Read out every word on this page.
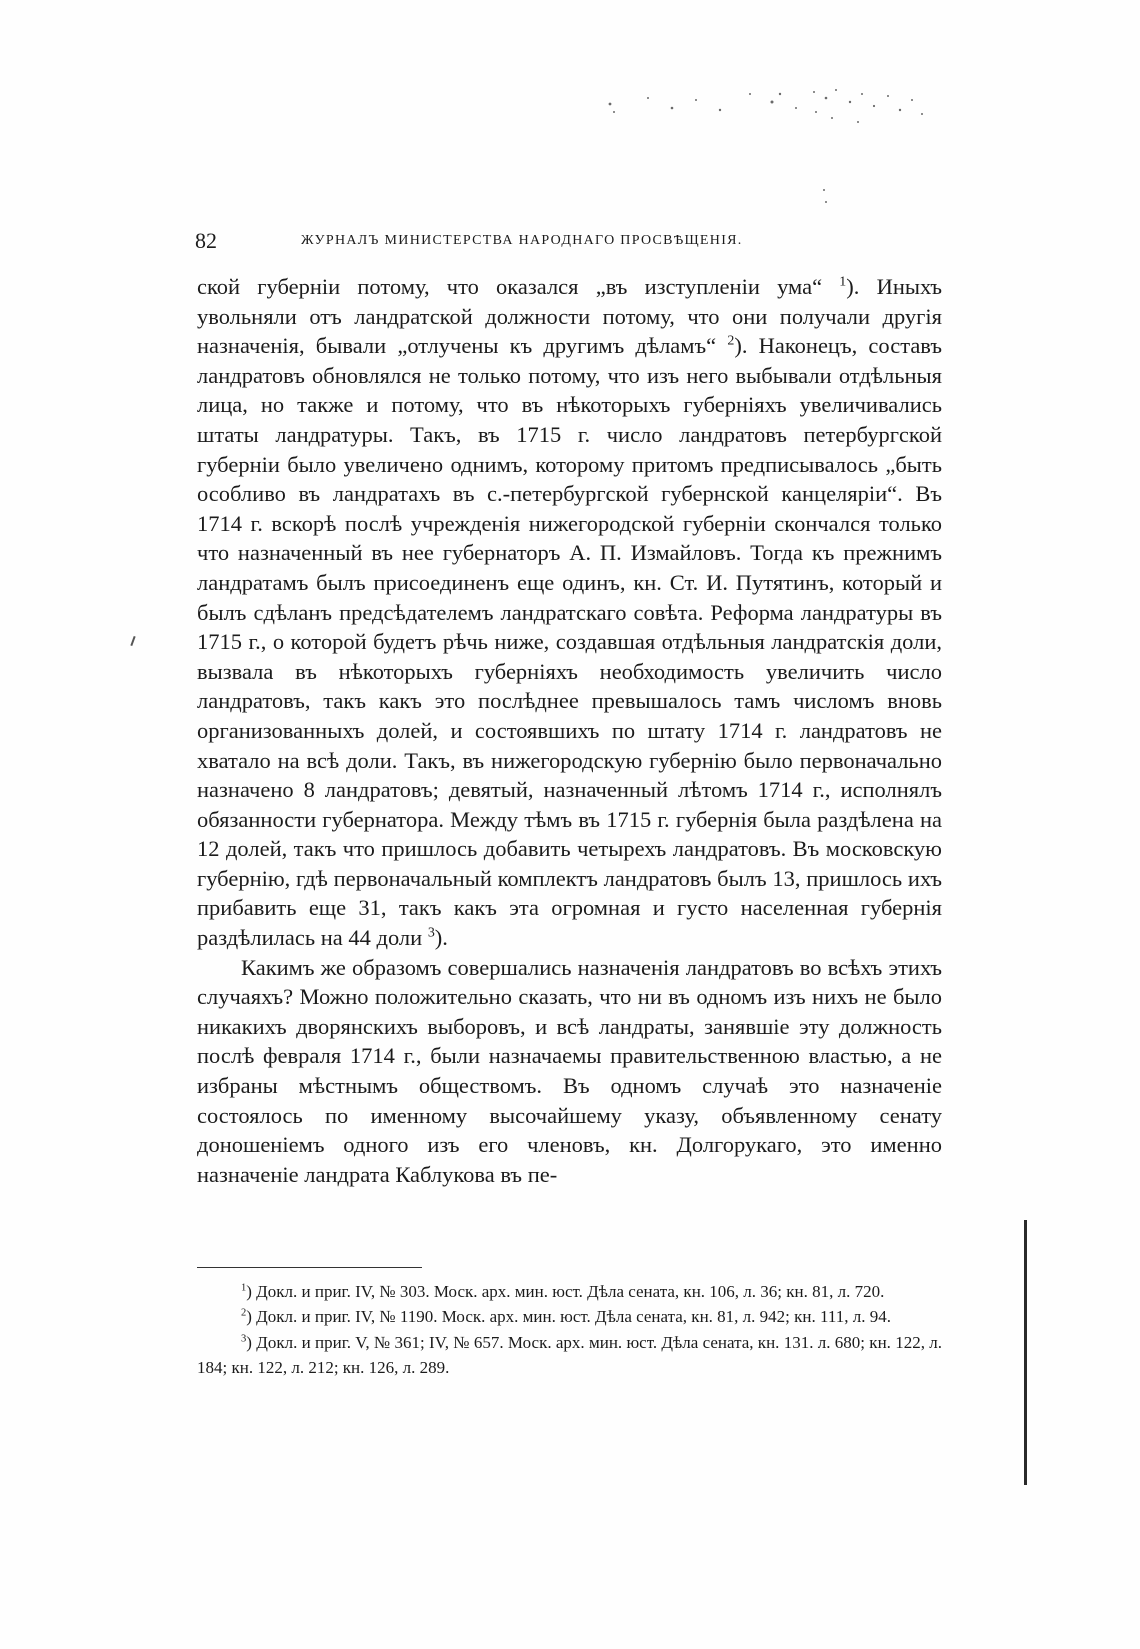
82	ЖУРНАЛЪ МИНИСТЕРСТВА НАРОДНАГО ПРОСВѢЩЕНІЯ.

ской губерніи потому, что оказался „въ изступленіи ума“ $^1$). Иныхъ увольняли отъ ландратской должности потому, что они получали другія назначенія, бывали „отлучены къ другимъ дѣламъ“ $^2$). Наконецъ, составъ ландратовъ обновлялся не только потому, что изъ него выбывали отдѣльныя лица, но также и потому, что въ нѣкоторыхъ губерніяхъ увеличивались штаты ландратуры. Такъ, въ 1715 г. число ландратовъ петербургской губерніи было увеличено однимъ, которому притомъ предписывалось „быть особливо въ ландратахъ въ с.-петербургской губернской канцеляріи“. Въ 1714 г. вскорѣ послѣ учрежденія нижегородской губерніи скончался только что назначенный въ нее губернаторъ А. П. Измайловъ. Тогда къ прежнимъ ландратамъ былъ присоединенъ еще одинъ, кн. Ст. И. Путятинъ, который и былъ сдѣланъ предсѣдателемъ ландратскаго совѣта. Реформа ландратуры въ 1715 г., о которой будетъ рѣчь ниже, создавшая отдѣльныя ландратскія доли, вызвала въ нѣкоторыхъ губерніяхъ необходимость увеличить число ландратовъ, такъ какъ это послѣднее превышалось тамъ числомъ вновь организованныхъ долей, и состоявшихъ по штату 1714 г. ландратовъ не хватало на всѣ доли. Такъ, въ нижегородскую губернію было первоначально назначено 8 ландратовъ; девятый, назначенный лѣтомъ 1714 г., исполнялъ обязанности губернатора. Между тѣмъ въ 1715 г. губернія была раздѣлена на 12 долей, такъ что пришлось добавить четырехъ ландратовъ. Въ московскую губернію, гдѣ первоначальный комплектъ ландратовъ былъ 13, пришлось ихъ прибавить еще 31, такъ какъ эта огромная и густо населенная губернія раздѣлилась на 44 доли $^3$).

Какимъ же образомъ совершались назначенія ландратовъ во всѣхъ этихъ случаяхъ? Можно положительно сказать, что ни въ одномъ изъ нихъ не было никакихъ дворянскихъ выборовъ, и всѣ ландраты, занявшіе эту должность послѣ февраля 1714 г., были назначаемы правительственною властью, а не избраны мѣстнымъ обществомъ. Въ одномъ случаѣ это назначеніе состоялось по именному высочайшему указу, объявленному сенату доношеніемъ одного изъ его членовъ, кн. Долгорукаго, это именно назначеніе ландрата Каблукова въ пе-

$^1$) Докл. и приг. IV, № 303. Моск. арх. мин. юст. Дѣла сената, кн. 106, л. 36; кн. 81, л. 720.

$^2$) Докл. и приг. IV, № 1190. Моск. арх. мин. юст. Дѣла сената, кн. 81, л. 942; кн. 111, л. 94.

$^3$) Докл. и приг. V, № 361; IV, № 657. Моск. арх. мин. юст. Дѣла сената, кн. 131. л. 680; кн. 122, л. 184; кн. 122, л. 212; кн. 126, л. 289.
